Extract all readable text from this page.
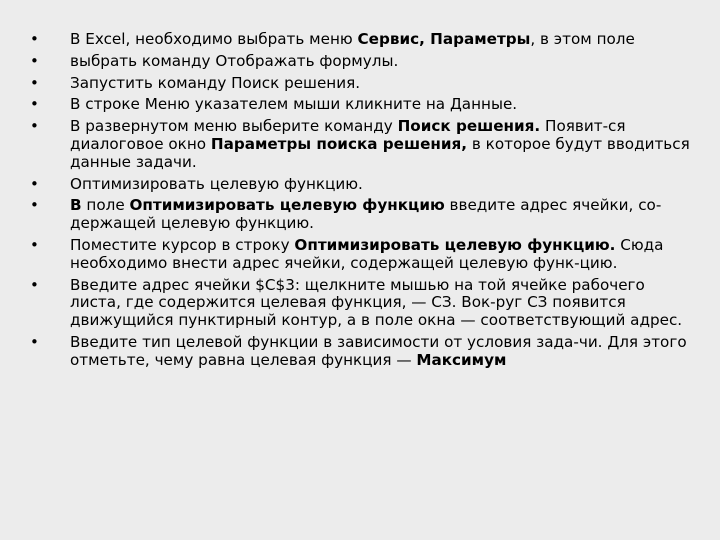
• В Excel, необходимо выбрать меню Сервис, Параметры, в этом поле
• выбрать команду Отображать формулы.
• Запустить команду Поиск решения.
• В строке Меню указателем мыши кликните на Данные.
• В развернутом меню выберите команду Поиск решения. Появит-ся диалоговое окно Параметры поиска решения, в которое будут вводиться данные задачи.
• Оптимизировать целевую функцию.
• В поле Оптимизировать целевую функцию введите адрес ячейки, со-держащей целевую функцию.
• Поместите курсор в строку Оптимизировать целевую функцию. Сюда необходимо внести адрес ячейки, содержащей целевую функ-цию.
• Введите адрес ячейки $С$3: щелкните мышью на той ячейке рабочего листа, где содержится целевая функция, — СЗ. Вок-руг СЗ появится движущийся пунктирный контур, а в поле окна — соответствующий адрес.
• Введите тип целевой функции в зависимости от условия зада-чи. Для этого отметьте, чему равна целевая функция — Максимум
